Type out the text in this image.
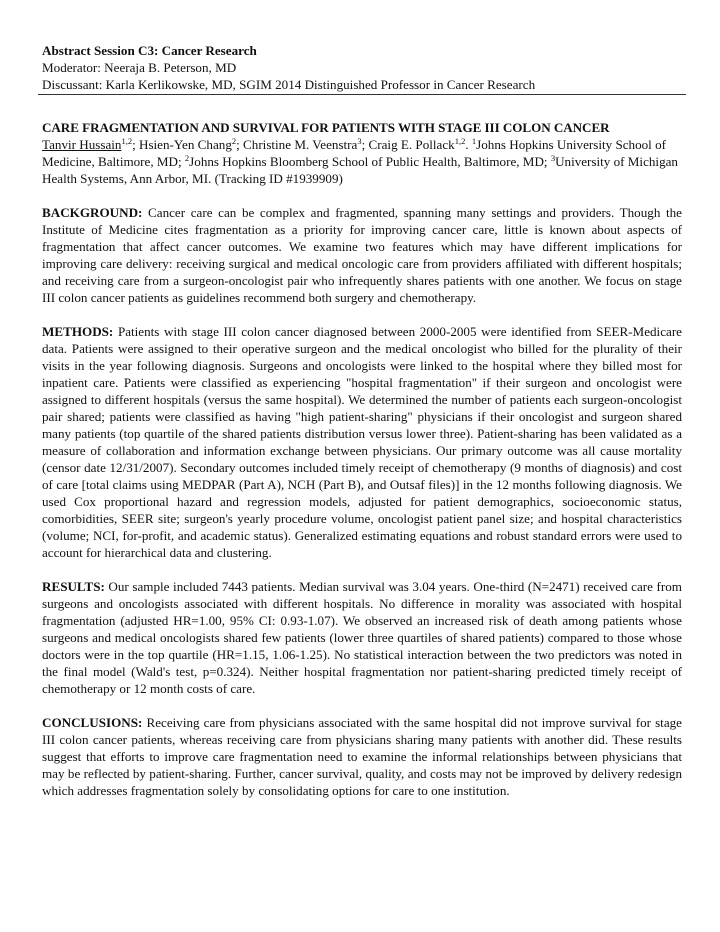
Abstract Session C3: Cancer Research
Moderator: Neeraja B. Peterson, MD
Discussant: Karla Kerlikowske, MD, SGIM 2014 Distinguished Professor in Cancer Research
CARE FRAGMENTATION AND SURVIVAL FOR PATIENTS WITH STAGE III COLON CANCER

Tanvir Hussain$^{1,2}$; Hsien-Yen Chang$^2$; Christine M. Veenstra$^3$; Craig E. Pollack$^{1,2}$. $^1$Johns Hopkins University School of Medicine, Baltimore, MD; $^2$Johns Hopkins Bloomberg School of Public Health, Baltimore, MD; $^3$University of Michigan Health Systems, Ann Arbor, MI. (Tracking ID #1939909)

BACKGROUND: Cancer care can be complex and fragmented, spanning many settings and providers. Though the Institute of Medicine cites fragmentation as a priority for improving cancer care, little is known about aspects of fragmentation that affect cancer outcomes. We examine two features which may have different implications for improving care delivery: receiving surgical and medical oncologic care from providers affiliated with different hospitals; and receiving care from a surgeon-oncologist pair who infrequently shares patients with one another. We focus on stage III colon cancer patients as guidelines recommend both surgery and chemotherapy.

METHODS: Patients with stage III colon cancer diagnosed between 2000-2005 were identified from SEER-Medicare data. Patients were assigned to their operative surgeon and the medical oncologist who billed for the plurality of their visits in the year following diagnosis. Surgeons and oncologists were linked to the hospital where they billed most for inpatient care. Patients were classified as experiencing "hospital fragmentation" if their surgeon and oncologist were assigned to different hospitals (versus the same hospital). We determined the number of patients each surgeon-oncologist pair shared; patients were classified as having "high patient-sharing" physicians if their oncologist and surgeon shared many patients (top quartile of the shared patients distribution versus lower three). Patient-sharing has been validated as a measure of collaboration and information exchange between physicians. Our primary outcome was all cause mortality (censor date 12/31/2007). Secondary outcomes included timely receipt of chemotherapy (9 months of diagnosis) and cost of care [total claims using MEDPAR (Part A), NCH (Part B), and Outsaf files)] in the 12 months following diagnosis. We used Cox proportional hazard and regression models, adjusted for patient demographics, socioeconomic status, comorbidities, SEER site; surgeon's yearly procedure volume, oncologist patient panel size; and hospital characteristics (volume; NCI, for-profit, and academic status). Generalized estimating equations and robust standard errors were used to account for hierarchical data and clustering.

RESULTS: Our sample included 7443 patients. Median survival was 3.04 years. One-third (N=2471) received care from surgeons and oncologists associated with different hospitals. No difference in morality was associated with hospital fragmentation (adjusted HR=1.00, 95% CI: 0.93-1.07). We observed an increased risk of death among patients whose surgeons and medical oncologists shared few patients (lower three quartiles of shared patients) compared to those whose doctors were in the top quartile (HR=1.15, 1.06-1.25). No statistical interaction between the two predictors was noted in the final model (Wald's test, p=0.324). Neither hospital fragmentation nor patient-sharing predicted timely receipt of chemotherapy or 12 month costs of care.

CONCLUSIONS: Receiving care from physicians associated with the same hospital did not improve survival for stage III colon cancer patients, whereas receiving care from physicians sharing many patients with another did. These results suggest that efforts to improve care fragmentation need to examine the informal relationships between physicians that may be reflected by patient-sharing. Further, cancer survival, quality, and costs may not be improved by delivery redesign which addresses fragmentation solely by consolidating options for care to one institution.
